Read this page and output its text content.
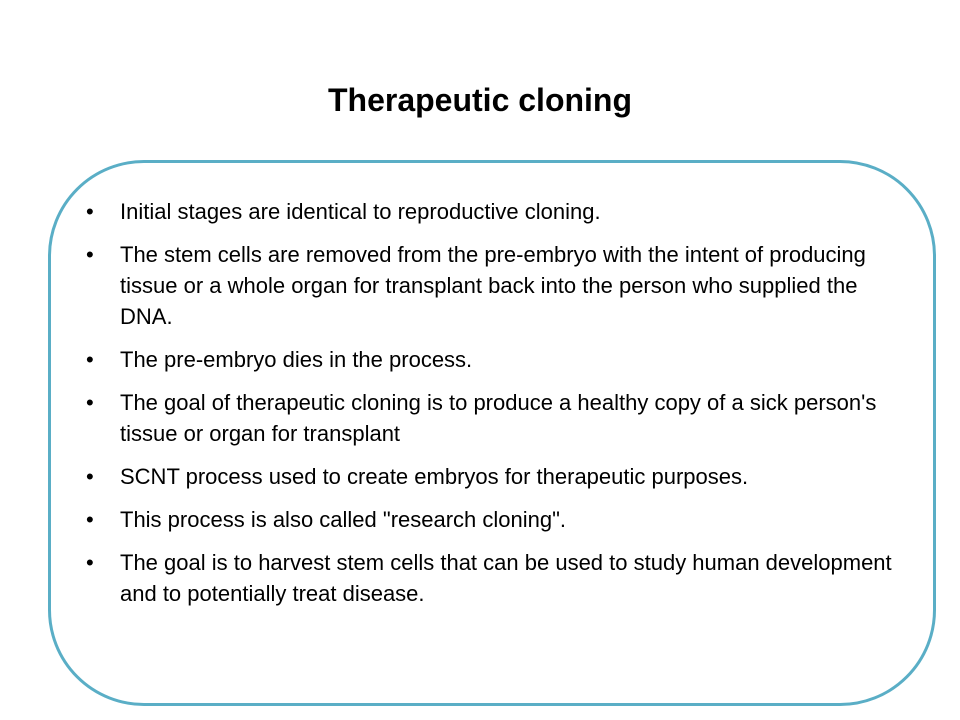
Therapeutic cloning
•	Initial stages are identical to reproductive cloning.
•	The stem cells are removed from the pre-embryo with the intent of producing tissue or a whole organ for transplant back into the person who supplied the DNA.
•	The pre-embryo dies in the process.
•	The goal of therapeutic cloning is to produce a healthy copy of a sick person's tissue or organ for transplant
•	SCNT process used to create embryos for therapeutic purposes.
•	This process is also called "research cloning".
•	The goal is to harvest stem cells that can be used to study human development and to potentially treat disease.
